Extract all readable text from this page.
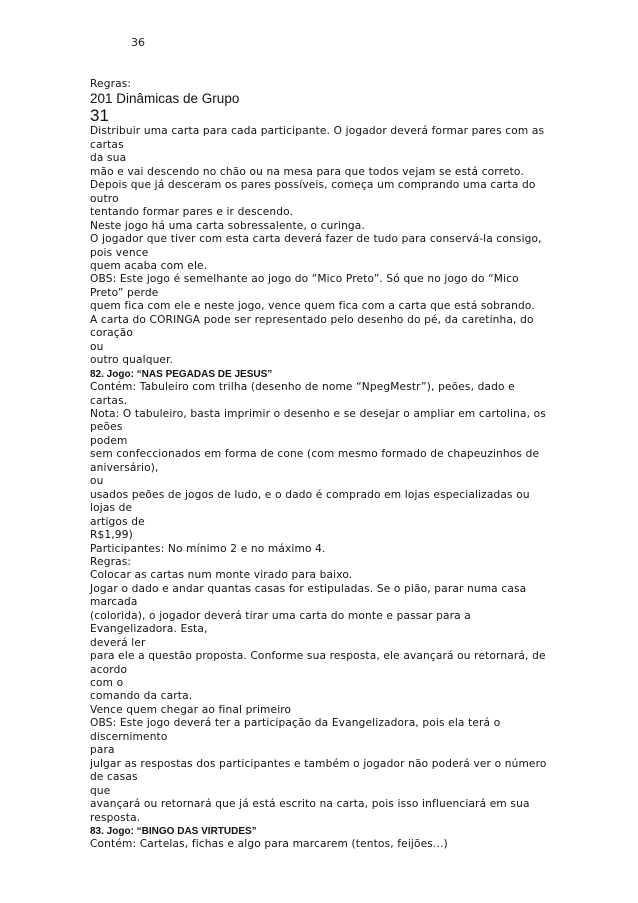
36
Regras:
201 Dinâmicas de Grupo
31
Distribuir uma carta para cada participante. O jogador deverá formar pares com as
cartas
da sua
mão e vai descendo no chão ou na mesa para que todos vejam se está correto.
Depois que já desceram os pares possíveis, começa um comprando uma carta do
outro
tentando formar pares e ir descendo.
Neste jogo há uma carta sobressalente, o curinga.
O jogador que tiver com esta carta deverá fazer de tudo para conservá-la consigo,
pois vence
quem acaba com ele.
OBS: Este jogo é semelhante ao jogo do “Mico Preto”. Só que no jogo do “Mico
Preto” perde
quem fica com ele e neste jogo, vence quem fica com a carta que está sobrando.
A carta do CORINGA pode ser representado pelo desenho do pé, da caretinha, do
coração
ou
outro qualquer.
82. Jogo: “NAS PEGADAS DE JESUS”
Contém: Tabuleiro com trilha (desenho de nome “NpegMestr”), peões, dado e
cartas.
Nota: O tabuleiro, basta imprimir o desenho e se desejar o ampliar em cartolina, os
peões
podem
sem confeccionados em forma de cone (com mesmo formado de chapeuzinhos de
aniversário),
ou
usados peões de jogos de ludo, e o dado é comprado em lojas especializadas ou
lojas de
artigos de
R$1,99)
Participantes: No mínimo 2 e no máximo 4.
Regras:
Colocar as cartas num monte virado para baixo.
Jogar o dado e andar quantas casas for estipuladas. Se o pião, parar numa casa
marcada
(colorida), o jogador deverá tirar uma carta do monte e passar para a
Evangelizadora. Esta,
deverá ler
para ele a questão proposta. Conforme sua resposta, ele avançará ou retornará, de
acordo
com o
comando da carta.
Vence quem chegar ao final primeiro
OBS: Este jogo deverá ter a participação da Evangelizadora, pois ela terá o
discernimento
para
julgar as respostas dos participantes e também o jogador não poderá ver o número
de casas
que
avançará ou retornará que já está escrito na carta, pois isso influenciará em sua
resposta.
83. Jogo: “BINGO DAS VIRTUDES”
Contém: Cartelas, fichas e algo para marcarem (tentos, feijões...)
